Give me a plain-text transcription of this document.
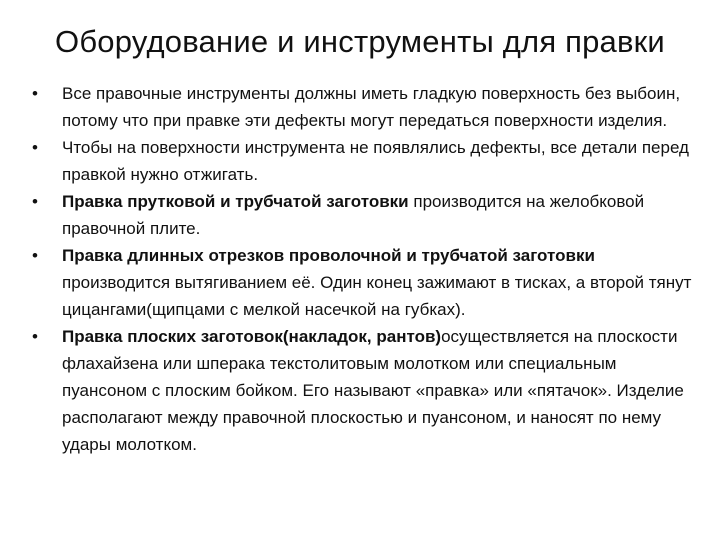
Оборудование и инструменты для правки
• Все правочные инструменты должны иметь гладкую поверхность без выбоин, потому что при правке эти дефекты могут передаться поверхности изделия.
• Чтобы на поверхности инструмента не появлялись дефекты, все детали перед правкой нужно отжигать.
• Правка прутковой и трубчатой заготовки производится на желобковой правочной плите.
• Правка длинных отрезков проволочной и трубчатой заготовки производится вытягиванием её. Один конец зажимают в тисках, а второй тянут цицангами(щипцами с мелкой насечкой на губках).
• Правка плоских заготовок(накладок, рантов)осуществляется на плоскости флахайзена или шперака текстолитовым молотком или специальным пуансоном с плоским бойком. Его называют «правка» или «пятачок». Изделие располагают между правочной плоскостью и пуансоном, и наносят по нему удары молотком.
